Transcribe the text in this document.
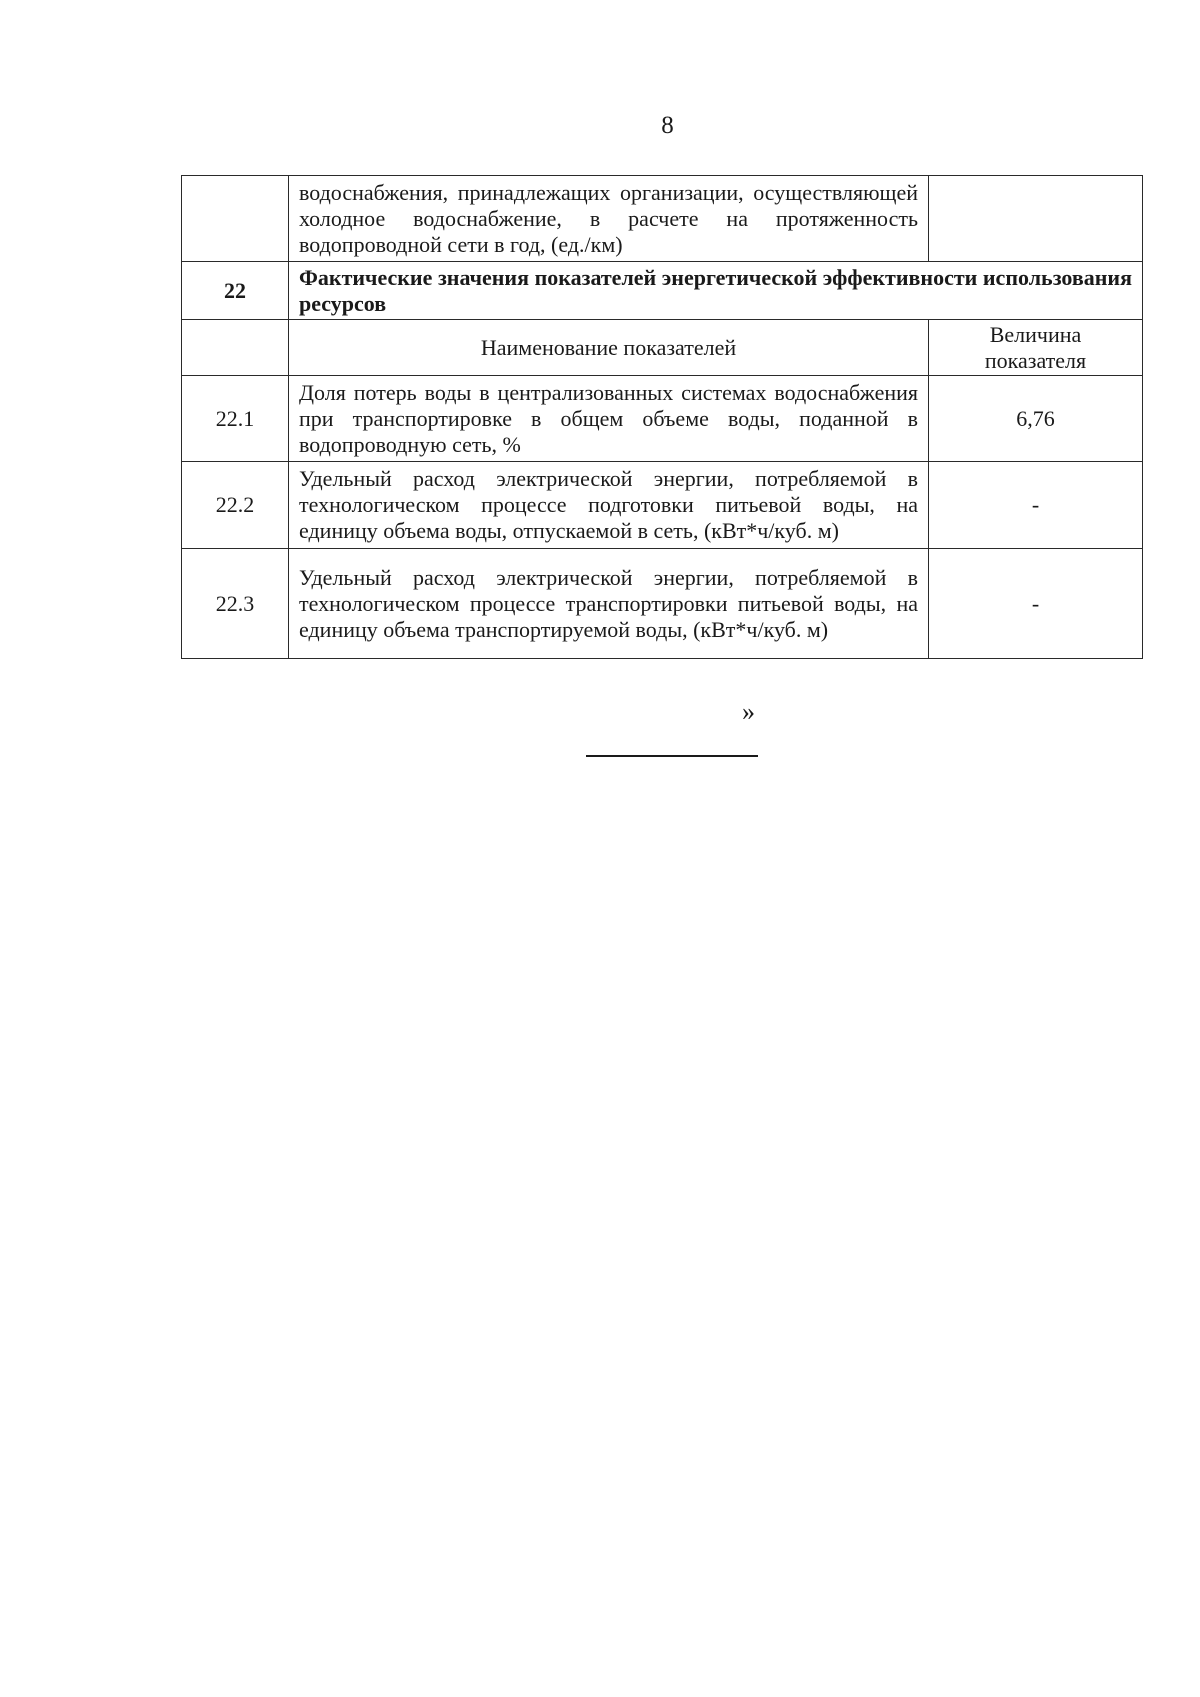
8
	водоснабжения, принадлежащих организации, осуществляющей холодное водоснабжение, в расчете на протяженность водопроводной сети в год, (ед./км)	
22	Фактические значения показателей энергетической эффективности использования ресурсов	
	Наименование показателей	Величина показателя
22.1	Доля потерь воды в централизованных системах водоснабжения при транспортировке в общем объеме воды, поданной в водопроводную сеть, %	6,76
22.2	Удельный расход электрической энергии, потребляемой в технологическом процессе подготовки питьевой воды, на единицу объема воды, отпускаемой в сеть, (кВт*ч/куб. м)	-
22.3	Удельный расход электрической энергии, потребляемой в технологическом процессе транспортировки питьевой воды, на единицу объема транспортируемой воды, (кВт*ч/куб. м)	-
»
